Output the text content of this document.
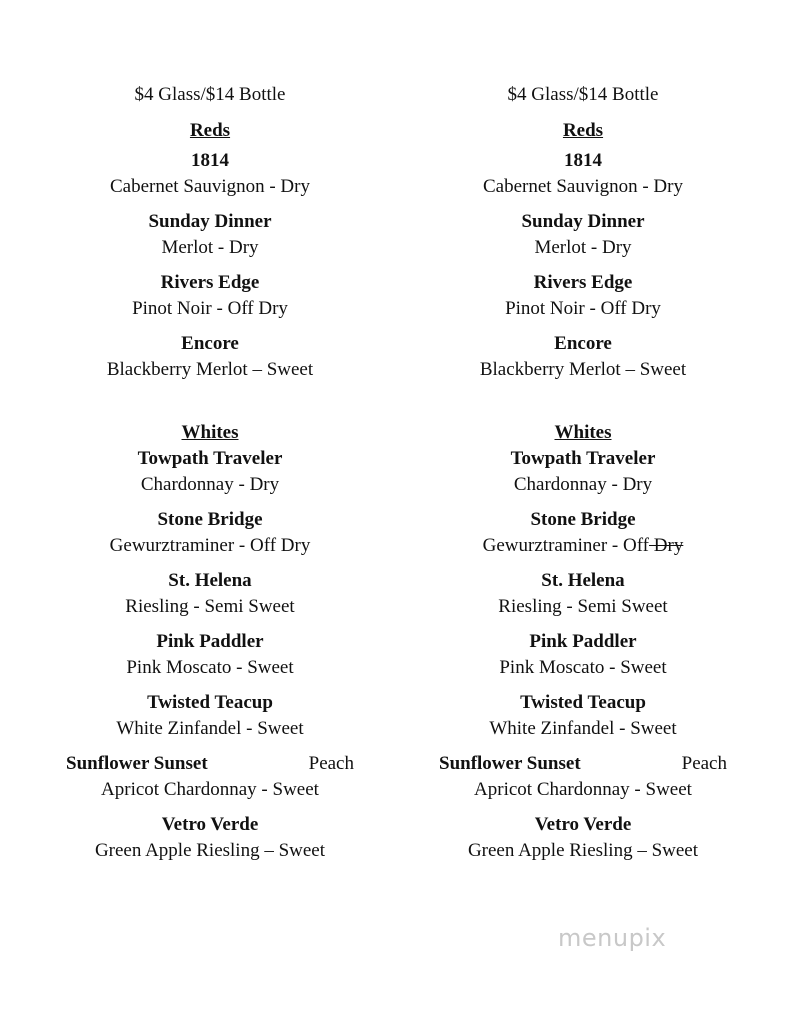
$4 Glass/$14 Bottle
Reds
1814
Cabernet Sauvignon - Dry
Sunday Dinner
Merlot - Dry
Rivers Edge
Pinot Noir - Off Dry
Encore
Blackberry Merlot – Sweet
Whites
Towpath Traveler
Chardonnay - Dry
Stone Bridge
Gewurztraminer - Off Dry
St. Helena
Riesling - Semi Sweet
Pink Paddler
Pink Moscato - Sweet
Twisted Teacup
White Zinfandel - Sweet
Sunflower Sunset	Peach
Apricot Chardonnay - Sweet
Vetro Verde
Green Apple Riesling – Sweet
$4 Glass/$14 Bottle
Reds
1814
Cabernet Sauvignon - Dry
Sunday Dinner
Merlot - Dry
Rivers Edge
Pinot Noir - Off Dry
Encore
Blackberry Merlot – Sweet
Whites
Towpath Traveler
Chardonnay - Dry
Stone Bridge
Gewurztraminer - Off Dry
St. Helena
Riesling - Semi Sweet
Pink Paddler
Pink Moscato - Sweet
Twisted Teacup
White Zinfandel - Sweet
Sunflower Sunset	Peach
Apricot Chardonnay - Sweet
Vetro Verde
Green Apple Riesling – Sweet
menupix
